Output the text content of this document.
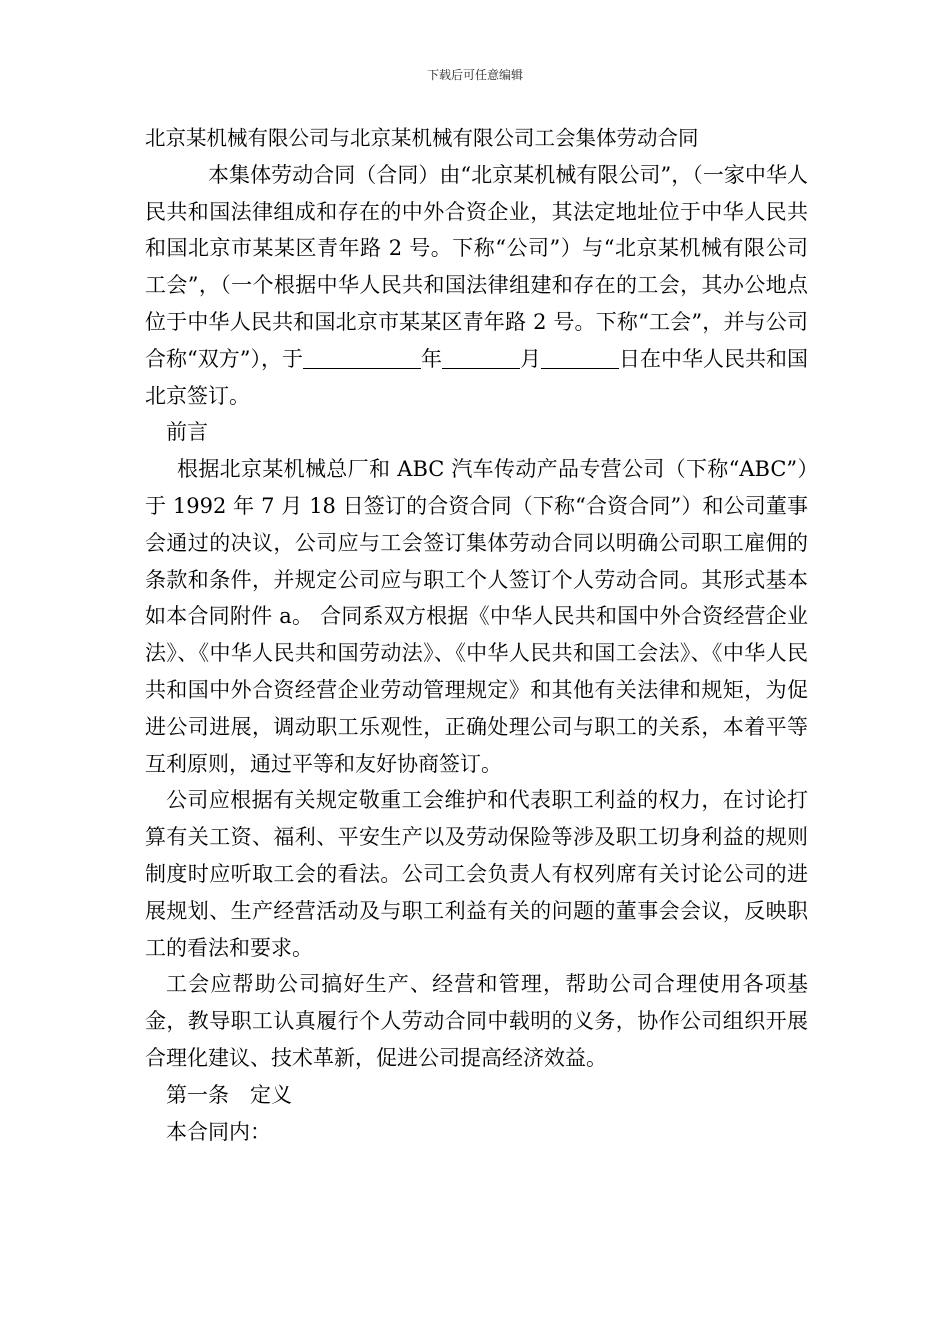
下载后可任意编辑
北京某机械有限公司与北京某机械有限公司工会集体劳动合同

本集体劳动合同（合同）由“北京某机械有限公司”，（一家中华人民共和国法律组成和存在的中外合资企业，其法定地址位于中华人民共和国北京市某某区青年路 2 号。下称“公司”）与“北京某机械有限公司工会”，（一个根据中华人民共和国法律组建和存在的工会，其办公地点位于中华人民共和国北京市某某区青年路 2 号。下称“工会”，并与公司合称“双方”），于	年	月	日在中华人民共和国北京签订。

前言

根据北京某机械总厂和 ABC 汽车传动产品专营公司（下称“ABC”）于 1992 年 7 月 18 日签订的合资合同（下称“合资合同”）和公司董事会通过的决议，公司应与工会签订集体劳动合同以明确公司职工雇佣的条款和条件，并规定公司应与职工个人签订个人劳动合同。其形式基本如本合同附件 a。 合同系双方根据《中华人民共和国中外合资经营企业法》、《中华人民共和国劳动法》、《中华人民共和国工会法》、《中华人民共和国中外合资经营企业劳动管理规定》和其他有关法律和规矩，为促进公司进展，调动职工乐观性，正确处理公司与职工的关系，本着平等互利原则，通过平等和友好协商签订。

公司应根据有关规定敬重工会维护和代表职工利益的权力，在讨论打算有关工资、福利、平安生产以及劳动保险等涉及职工切身利益的规则制度时应听取工会的看法。公司工会负责人有权列席有关讨论公司的进展规划、生产经营活动及与职工利益有关的问题的董事会会议，反映职工的看法和要求。

工会应帮助公司搞好生产、经营和管理，帮助公司合理使用各项基金，教导职工认真履行个人劳动合同中载明的义务，协作公司组织开展合理化建议、技术革新，促进公司提高经济效益。

第一条　定义

本合同内：
